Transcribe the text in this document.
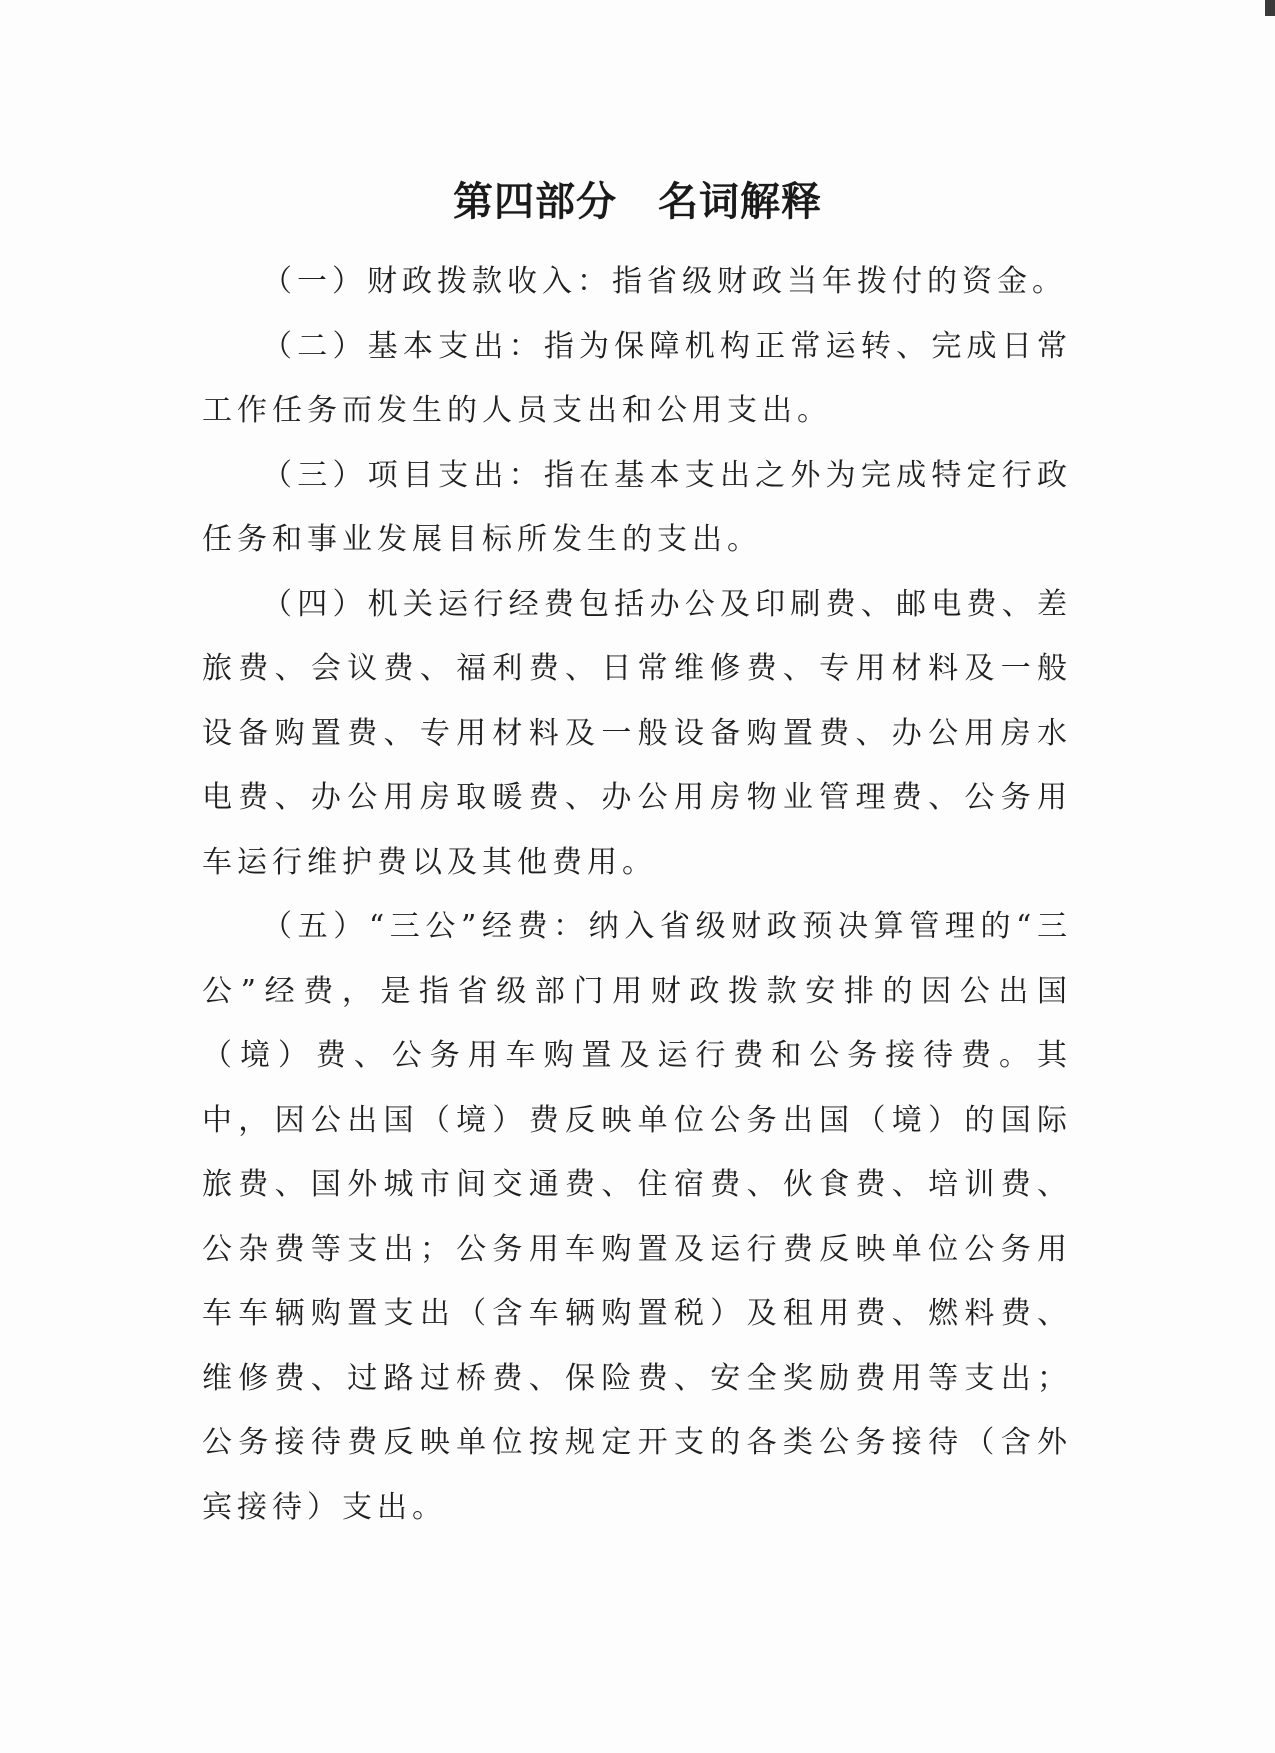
第四部分　名词解释

（一）财政拨款收入：指省级财政当年拨付的资金。

（二）基本支出：指为保障机构正常运转、完成日常工作任务而发生的人员支出和公用支出。

（三）项目支出：指在基本支出之外为完成特定行政任务和事业发展目标所发生的支出。

（四）机关运行经费包括办公及印刷费、邮电费、差旅费、会议费、福利费、日常维修费、专用材料及一般设备购置费、专用材料及一般设备购置费、办公用房水电费、办公用房取暖费、办公用房物业管理费、公务用车运行维护费以及其他费用。

（五）“三公”经费：纳入省级财政预决算管理的“三公”经费，是指省级部门用财政拨款安排的因公出国（境）费、公务用车购置及运行费和公务接待费。其中，因公出国（境）费反映单位公务出国（境）的国际旅费、国外城市间交通费、住宿费、伙食费、培训费、公杂费等支出；公务用车购置及运行费反映单位公务用车车辆购置支出（含车辆购置税）及租用费、燃料费、维修费、过路过桥费、保险费、安全奖励费用等支出；公务接待费反映单位按规定开支的各类公务接待（含外宾接待）支出。
